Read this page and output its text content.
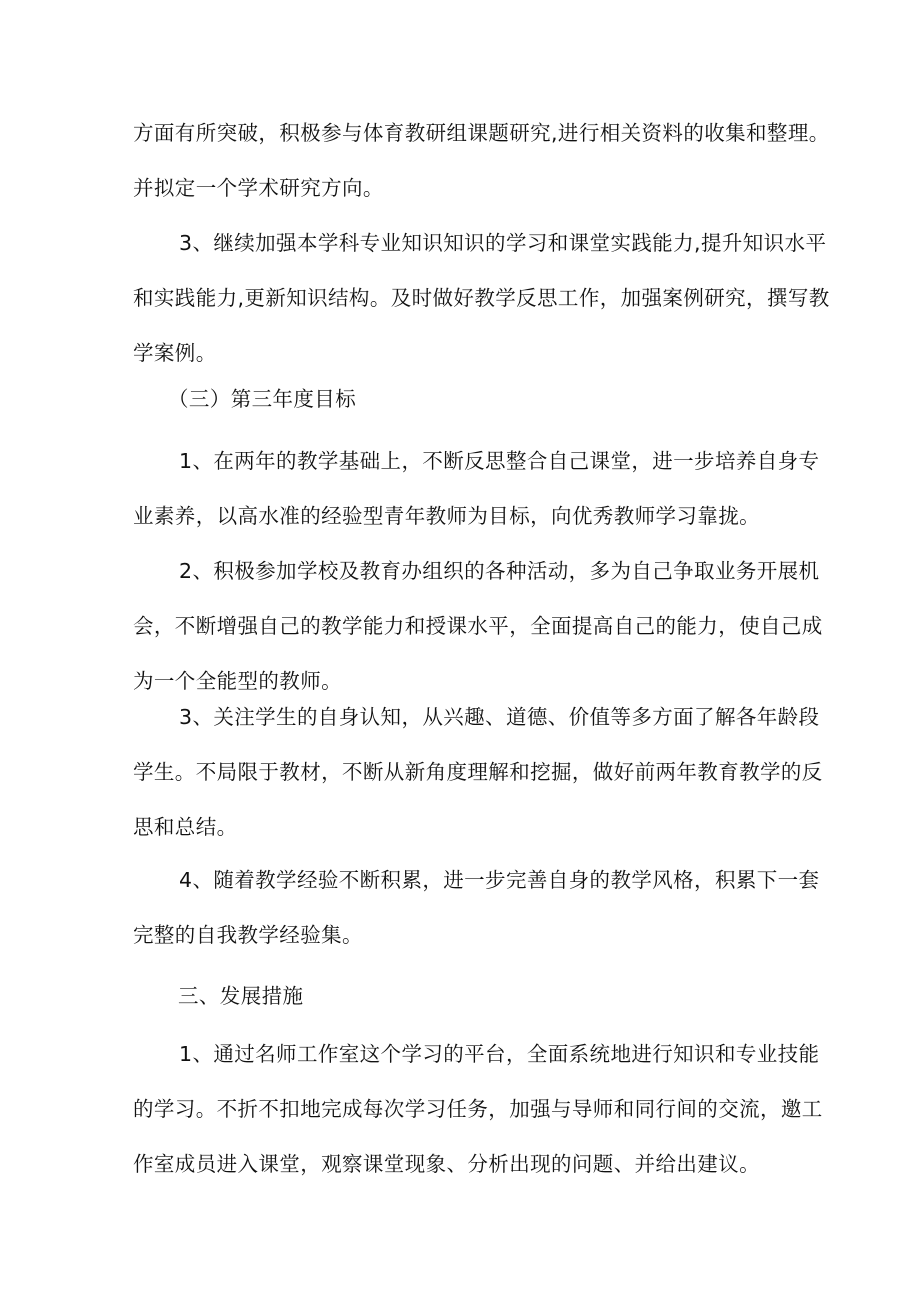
方面有所突破，积极参与体育教研组课题研究,进行相关资料的收集和整理。
并拟定一个学术研究方向。
3、继续加强本学科专业知识知识的学习和课堂实践能力,提升知识水平
和实践能力,更新知识结构。及时做好教学反思工作，加强案例研究，撰写教
学案例。
（三）第三年度目标
1、在两年的教学基础上，不断反思整合自己课堂，进一步培养自身专
业素养，以高水准的经验型青年教师为目标，向优秀教师学习靠拢。
2、积极参加学校及教育办组织的各种活动，多为自己争取业务开展机
会，不断增强自己的教学能力和授课水平，全面提高自己的能力，使自己成
为一个全能型的教师。
3、关注学生的自身认知，从兴趣、道德、价值等多方面了解各年龄段
学生。不局限于教材，不断从新角度理解和挖掘，做好前两年教育教学的反
思和总结。
4、随着教学经验不断积累，进一步完善自身的教学风格，积累下一套
完整的自我教学经验集。
三、发展措施
1、通过名师工作室这个学习的平台，全面系统地进行知识和专业技能
的学习。不折不扣地完成每次学习任务，加强与导师和同行间的交流，邀工
作室成员进入课堂，观察课堂现象、分析出现的问题、并给出建议。
